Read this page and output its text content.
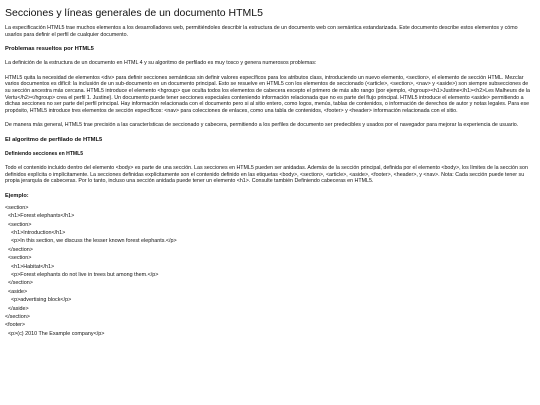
Secciones y líneas generales de un documento HTML5
La especificación HTML5 trae muchos elementos a los desarrolladores web, permitiéndoles describir la estructura de un documento web con semántica estandarizada. Este documento describe estos elementos y cómo usarlos para definir el perfil de cualquier documento.
Problemas resueltos por HTML5
La definición de la estructura de un documento en HTML 4 y su algoritmo de perfilado es muy tosco y genera numerosos problemas:
HTML5 quita la necesidad de elementos <div> para definir secciones semánticas sin definir valores específicos para los atributos class, introduciendo un nuevo elemento, <section>, el elemento de sección HTML. Mezclar varios documentos es difícil: la inclusión de un sub-documento en un documento principal. Esto se resuelve en HTML5 con los elementos de seccionado (<article>, <section>, <nav> y <aside>) son siempre subsecciones de su sección ancestra más cercana. HTML5 introduce el elemento <hgroup> que oculta todos los elementos de cabecera excepto el primero de más alto rango (por ejemplo, <hgroup><h1>Justine</h1><h2>Les Malheurs de la Vertu</h2></hgroup> crea el perfil 1. Justine). Un documento puede tener secciones especiales conteniendo información relacionada que no es parte del flujo principal. HTML5 introduce el elemento <aside> permitiendo a dichas secciones no ser parte del perfil principal. Hay información relacionada con el documento pero si al sitio entero, como logos, menús, tablas de contenidos, o información de derechos de autor y notas legales. Para ese propósito, HTML5 introduce tres elementos de sección específicos: <nav> para colecciones de enlaces, como una tabla de contenidos, <footer> y <header> información relacionada con el sitio.
De manera más general, HTML5 trae precisión a las características de seccionado y cabecera, permitiendo a los perfiles de documento ser predecibles y usados por el navegador para mejorar la experiencia de usuario.
El algoritmo de perfilado de HTML5
Definiendo secciones en HTML5
Todo el contenido incluido dentro del elemento <body> es parte de una sección. Las secciones en HTML5 pueden ser anidadas. Además de la sección principal, definida por el elemento <body>, los límites de la sección son definidos explícita o implícitamente. La secciones definidas explícitamente son el contenido definido en las etiquetas <body>, <section>, <article>, <aside>, <footer>, <header>, y <nav>. Nota: Cada sección puede tener su propia jerarquía de cabeceras. Por lo tanto, incluso una sección anidada puede tener un elemento <h1>. Consulte también Definiendo cabeceras en HTML5.
Ejemplo:
<section>
<h1>Forest elephants</h1>
<section>
<h1>Introduction</h1>
<p>In this section, we discuss the lesser known forest elephants.</p>
</section>
<section>
<h1>Habitat</h1>
<p>Forest elephants do not live in trees but among them.</p>
</section>
<aside>
<p>advertising block</p>
</aside>
</section>
<footer>
<p>(c) 2010 The Example company</p>
